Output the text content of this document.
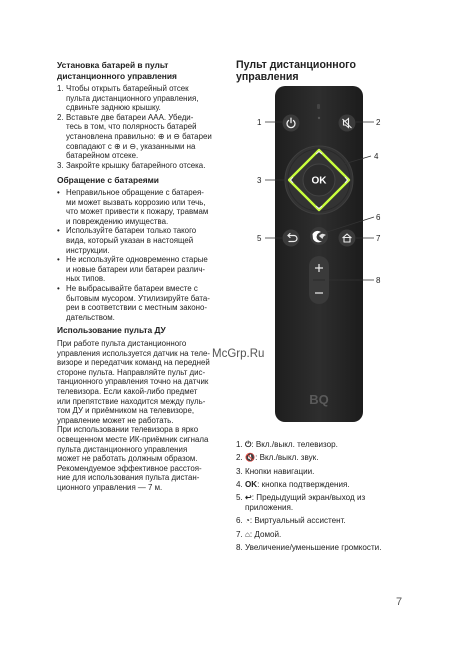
Установка батарей в пульт
дистанционного управления
1. Чтобы открыть батарейный отсек
пульта дистанционного управления,
сдвиньте заднюю крышку.
2. Вставьте две батареи ААА. Убеди-
тесь в том, что полярность батарей
установлена правильно: ⊕ и ⊖ батареи
совпадают с ⊕ и ⊖, указанными на
батарейном отсеке.
3. Закройте крышку батарейного отсека.
Обращение с батареями
• Неправильное обращение с батарея-
ми может вызвать коррозию или течь,
что может привести к пожару, травмам
и повреждению имущества.
• Используйте батареи только такого
вида, который указан в настоящей
инструкции.
• Не используйте одновременно старые
и новые батареи или батареи различ-
ных типов.
• Не выбрасывайте батареи вместе с
бытовым мусором. Утилизируйте бата-
реи в соответствии с местным законо-
дательством.
Использование пульта ДУ
При работе пульта дистанционного
управления используется датчик на теле-
визоре и передатчик команд на передней
стороне пульта. Направляйте пульт дис-
танционного управления точно на датчик
телевизора. Если какой-либо предмет
или препятствие находится между пуль-
том ДУ и приёмником на телевизоре,
управление может не работать.
При использовании телевизора в ярко
освещенном месте ИК-приёмник сигнала
пульта дистанционного управления
может не работать должным образом.
Рекомендуемое эффективное расстоя-
ние для использования пульта дистан-
ционного управления — 7 м.
Пульт дистанционного
управления
McGrp.Ru
OK
BQ
1	2
3
4
5
6
7
8
1. ⏻: Вкл./выкл. телевизор.
2. 🔇: Вкл./выкл. звук.
3. Кнопки навигации.
4. OK: кнопка подтверждения.
5. ↩: Предыдущий экран/выход из
приложения.
6. ◔: Виртуальный ассистент.
7. ⌂: Домой.
8. Увеличение/уменьшение громкости.
7
